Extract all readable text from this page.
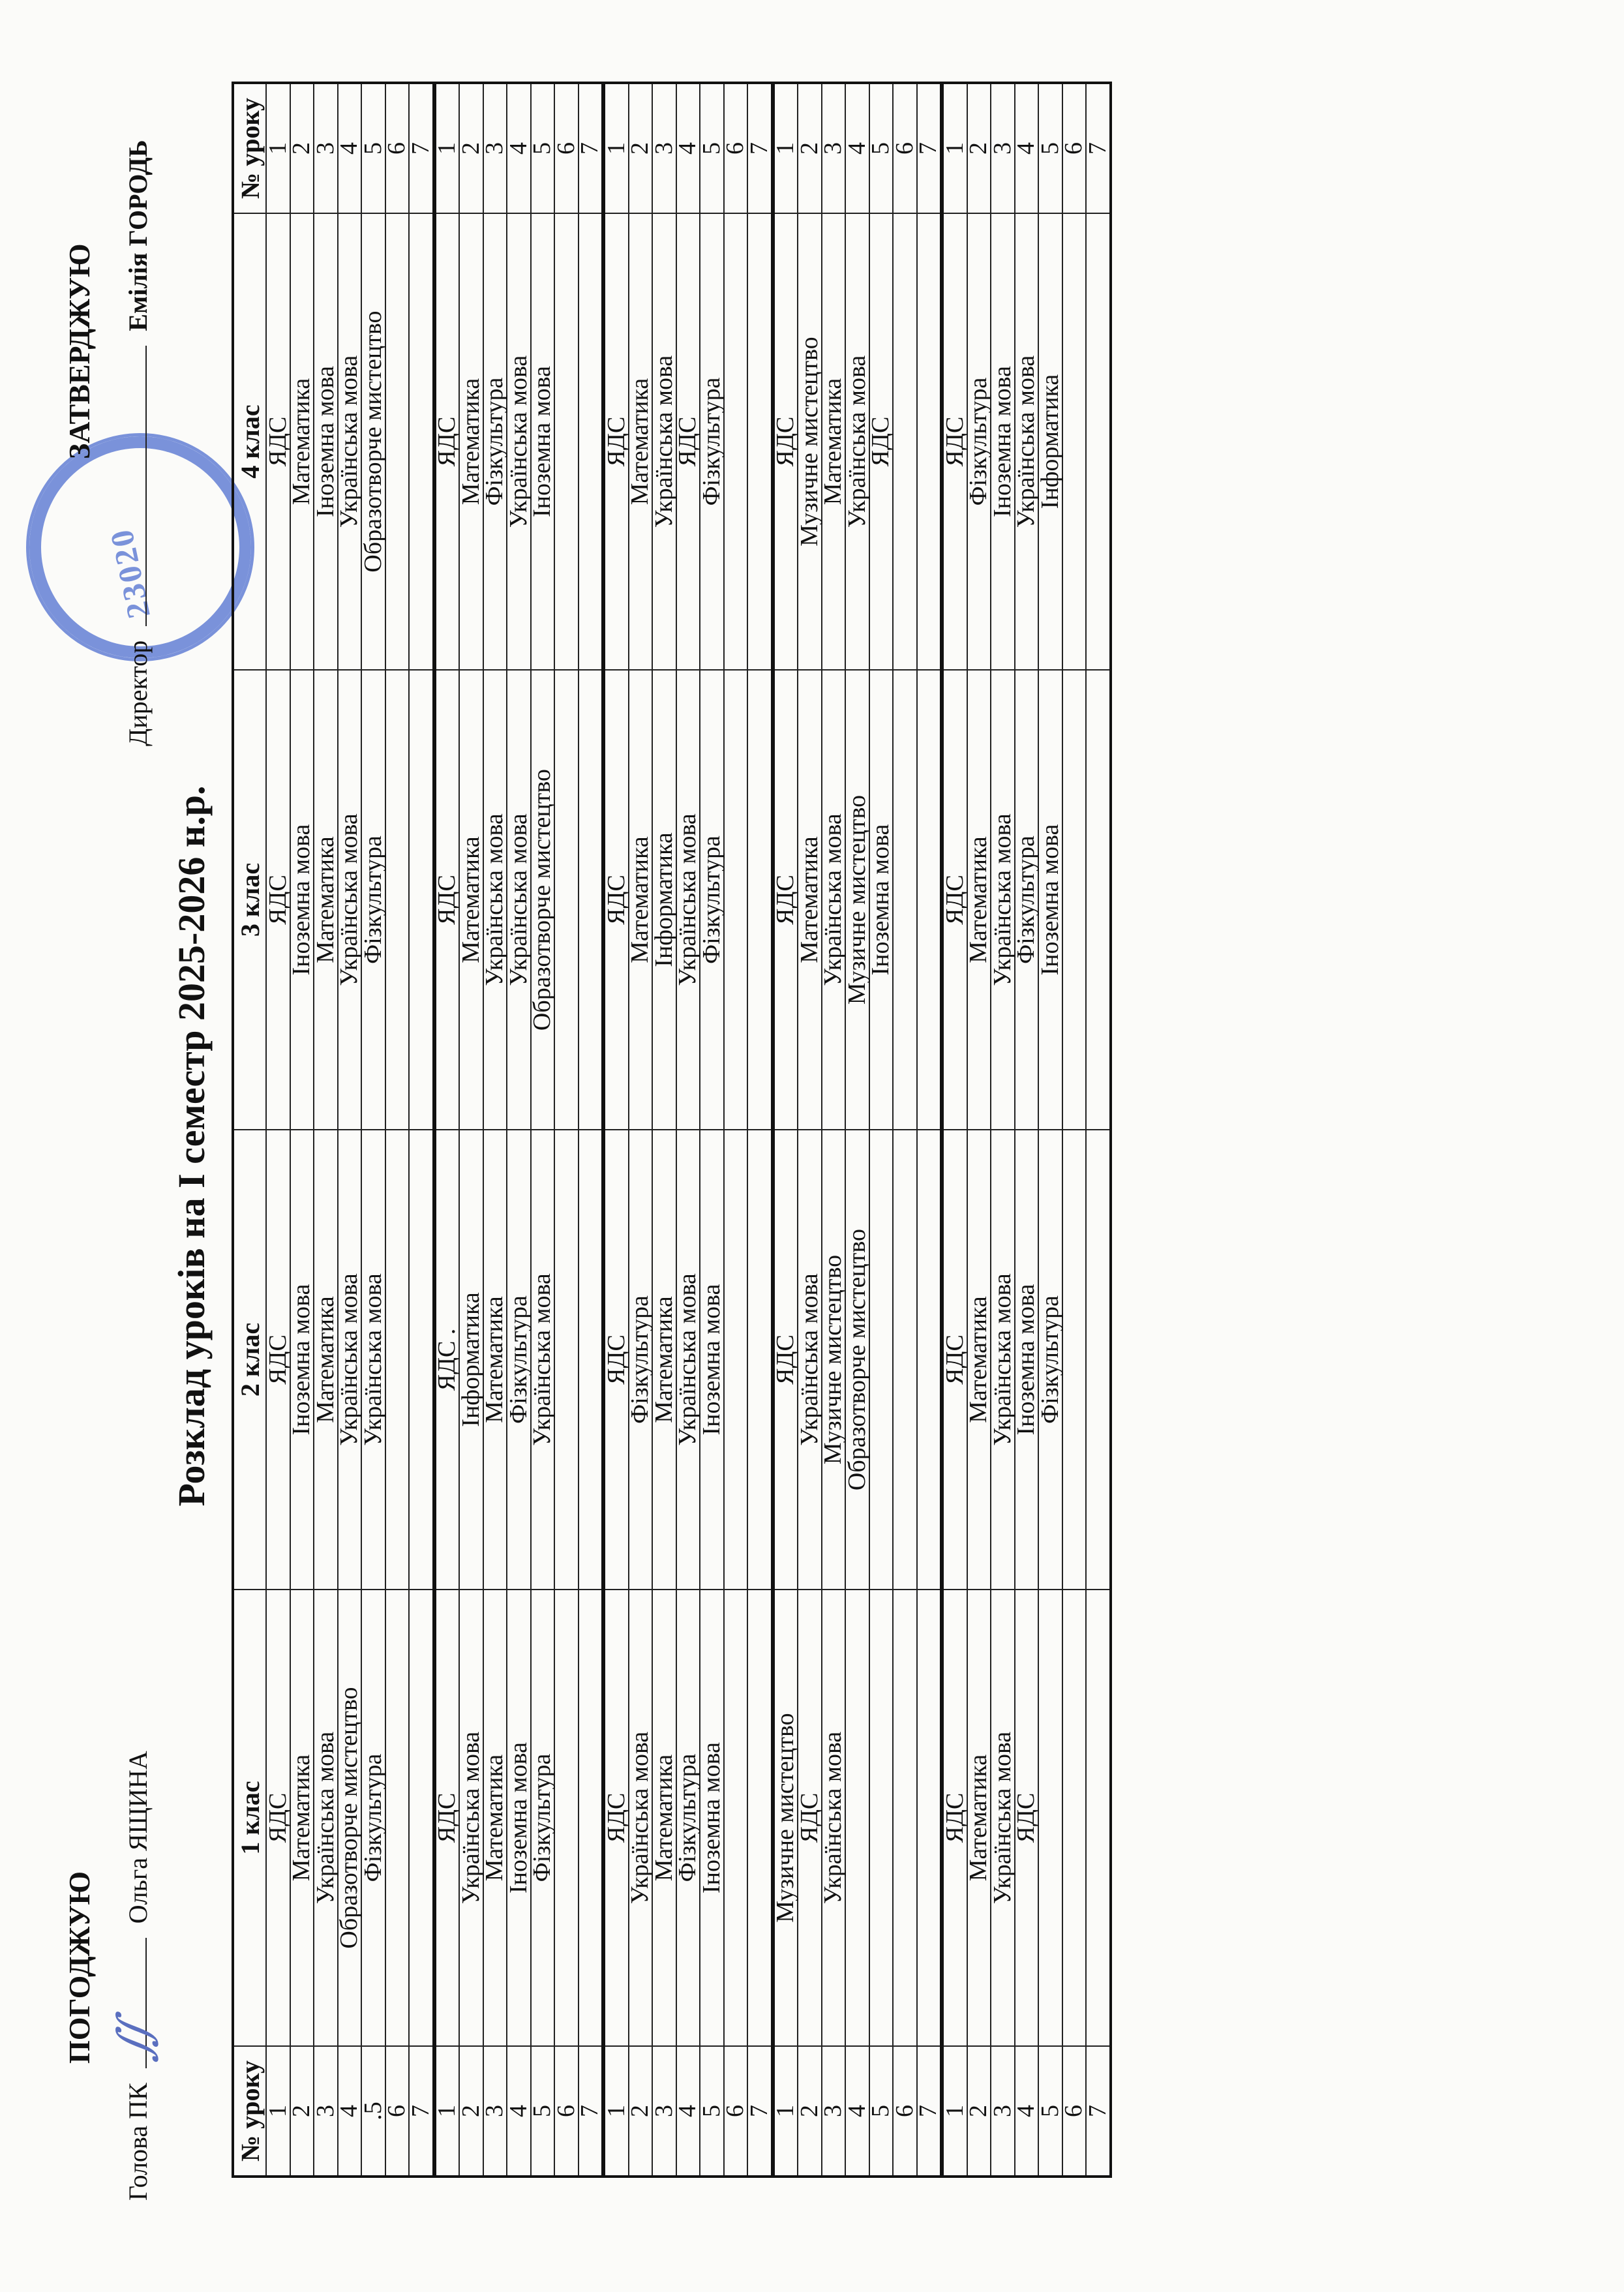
ПОГОДЖУЮ
Голова ПК
∬
Ольга ЯЩИНА
23020
ЗАТВЕРДЖУЮ
Директор  Емілія ГОРОДЬ
Розклад уроків на І семестр 2025-2026 н.р.
№ уроку	1 клас	2 клас	3 клас	4 клас	№ уроку
1	ЯДС	ЯДС	ЯДС	ЯДС	1
2	Математика	Іноземна мова	Іноземна мова	Математика	2
3	Українська мова	Математика	Математика	Іноземна мова	3
4	Образотворче мистецтво	Українська мова	Українська мова	Українська мова	4
.5	Фізкультура	Українська мова	Фізкультура	Образотворче мистецтво	5
6					6
7					7
1	ЯДС	ЯДС .	ЯДС	ЯДС	1
2	Українська мова	Інформатика	Математика	Математика	2
3	Математика	Математика	Українська мова	Фізкультура	3
4	Іноземна мова	Фізкультура	Українська мова	Українська мова	4
5	Фізкультура	Українська мова	Образотворче мистецтво	Іноземна мова	5
6					6
7					7
1	ЯДС	ЯДС	ЯДС	ЯДС	1
2	Українська мова	Фізкультура	Математика	Математика	2
3	Математика	Математика	Інформатика	Українська мова	3
4	Фізкультура	Українська мова	Українська мова	ЯДС	4
5	Іноземна мова	Іноземна мова	Фізкультура	Фізкультура	5
6					6
7					7
1	Музичне мистецтво	ЯДС	ЯДС	ЯДС	1
2	ЯДС	Українська мова	Математика	Музичне мистецтво	2
3	Українська мова	Музичне мистецтво	Українська мова	Математика	3
4		Образотворче мистецтво	Музичне мистецтво	Українська мова	4
5			Іноземна мова	ЯДС	5
6					6
7					7
1	ЯДС	ЯДС	ЯДС	ЯДС	1
2	Математика	Математика	Математика	Фізкультура	2
3	Українська мова	Українська мова	Українська мова	Іноземна мова	3
4	ЯДС	Іноземна мова	Фізкультура	Українська мова	4
5		Фізкультура	Іноземна мова	Інформатика	5
6					6
7					7
